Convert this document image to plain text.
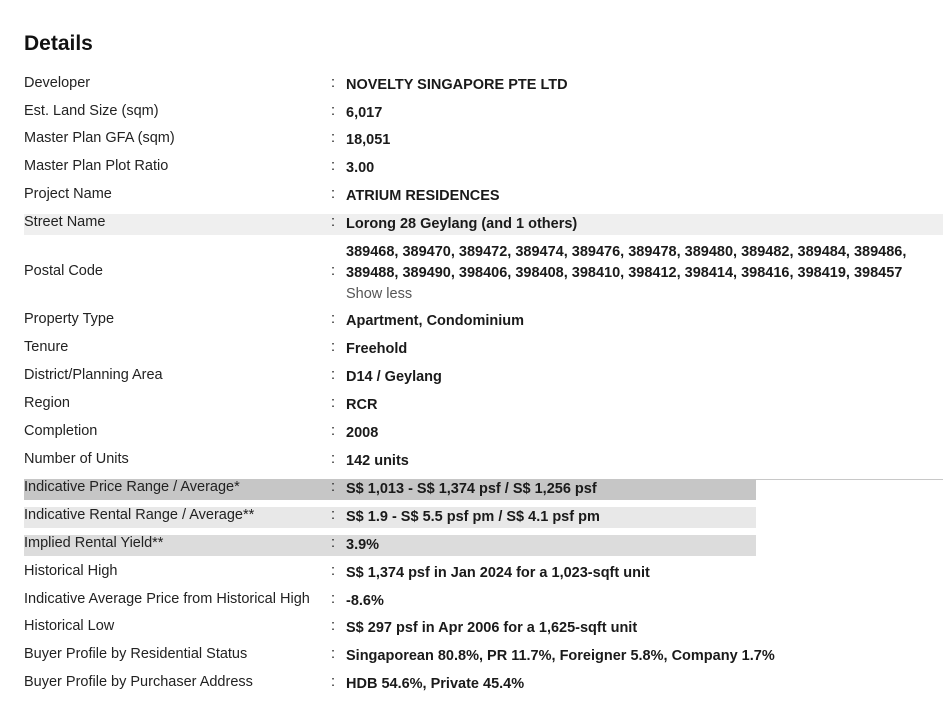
Details
Developer	: NOVELTY SINGAPORE PTE LTD
Est. Land Size (sqm)	: 6,017
Master Plan GFA (sqm)	: 18,051
Master Plan Plot Ratio	: 3.00
Project Name	: ATRIUM RESIDENCES
Street Name	: Lorong 28 Geylang (and 1 others)
Postal Code	:
389468, 389470, 389472, 389474, 389476, 389478, 389480, 389482, 389484, 389486, 389488, 389490, 398406, 398408, 398410, 398412, 398414, 398416, 398419, 398457 Show less
Property Type	: Apartment, Condominium
Tenure	: Freehold
District/Planning Area	: D14 / Geylang
Region	: RCR
Completion	: 2008
Number of Units	: 142 units
Indicative Price Range / Average*	: S$ 1,013 - S$ 1,374 psf / S$ 1,256 psf
Indicative Rental Range / Average**	: S$ 1.9 - S$ 5.5 psf pm / S$ 4.1 psf pm
Implied Rental Yield**	: 3.9%
Historical High	: S$ 1,374 psf in Jan 2024 for a 1,023-sqft unit
Indicative Average Price from Historical High : -8.6%
Historical Low	: S$ 297 psf in Apr 2006 for a 1,625-sqft unit
Buyer Profile by Residential Status	: Singaporean 80.8%, PR 11.7%, Foreigner 5.8%, Company 1.7%
Buyer Profile by Purchaser Address	: HDB 54.6%, Private 45.4%
